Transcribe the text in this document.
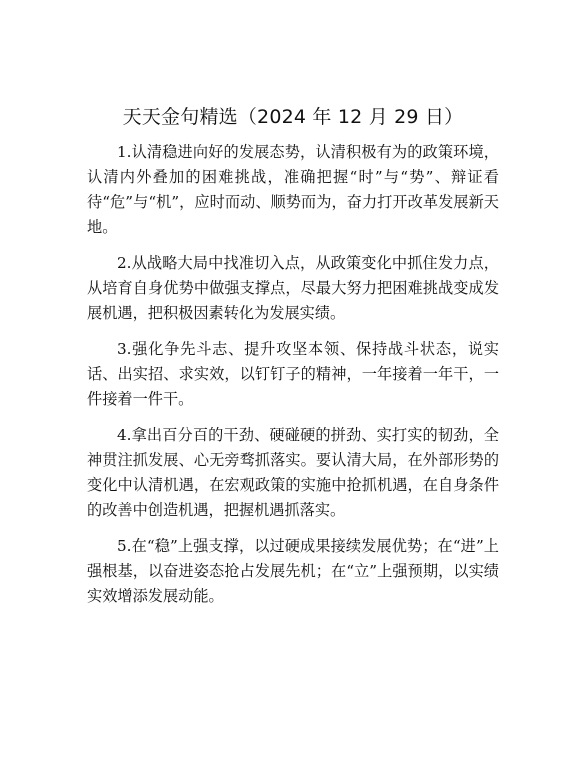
天天金句精选（2024 年 12 月 29 日）

1.认清稳进向好的发展态势，认清积极有为的政策环境，认清内外叠加的困难挑战，准确把握“时”与“势”、辩证看待“危”与“机”，应时而动、顺势而为，奋力打开改革发展新天地。

2.从战略大局中找准切入点，从政策变化中抓住发力点，从培育自身优势中做强支撑点，尽最大努力把困难挑战变成发展机遇，把积极因素转化为发展实绩。

3.强化争先斗志、提升攻坚本领、保持战斗状态，说实话、出实招、求实效，以钉钉子的精神，一年接着一年干，一件接着一件干。

4.拿出百分百的干劲、硬碰硬的拼劲、实打实的韧劲，全神贯注抓发展、心无旁骛抓落实。要认清大局，在外部形势的变化中认清机遇，在宏观政策的实施中抢抓机遇，在自身条件的改善中创造机遇，把握机遇抓落实。

5.在“稳”上强支撑，以过硬成果接续发展优势；在“进”上强根基，以奋进姿态抢占发展先机；在“立”上强预期，以实绩实效增添发展动能。
